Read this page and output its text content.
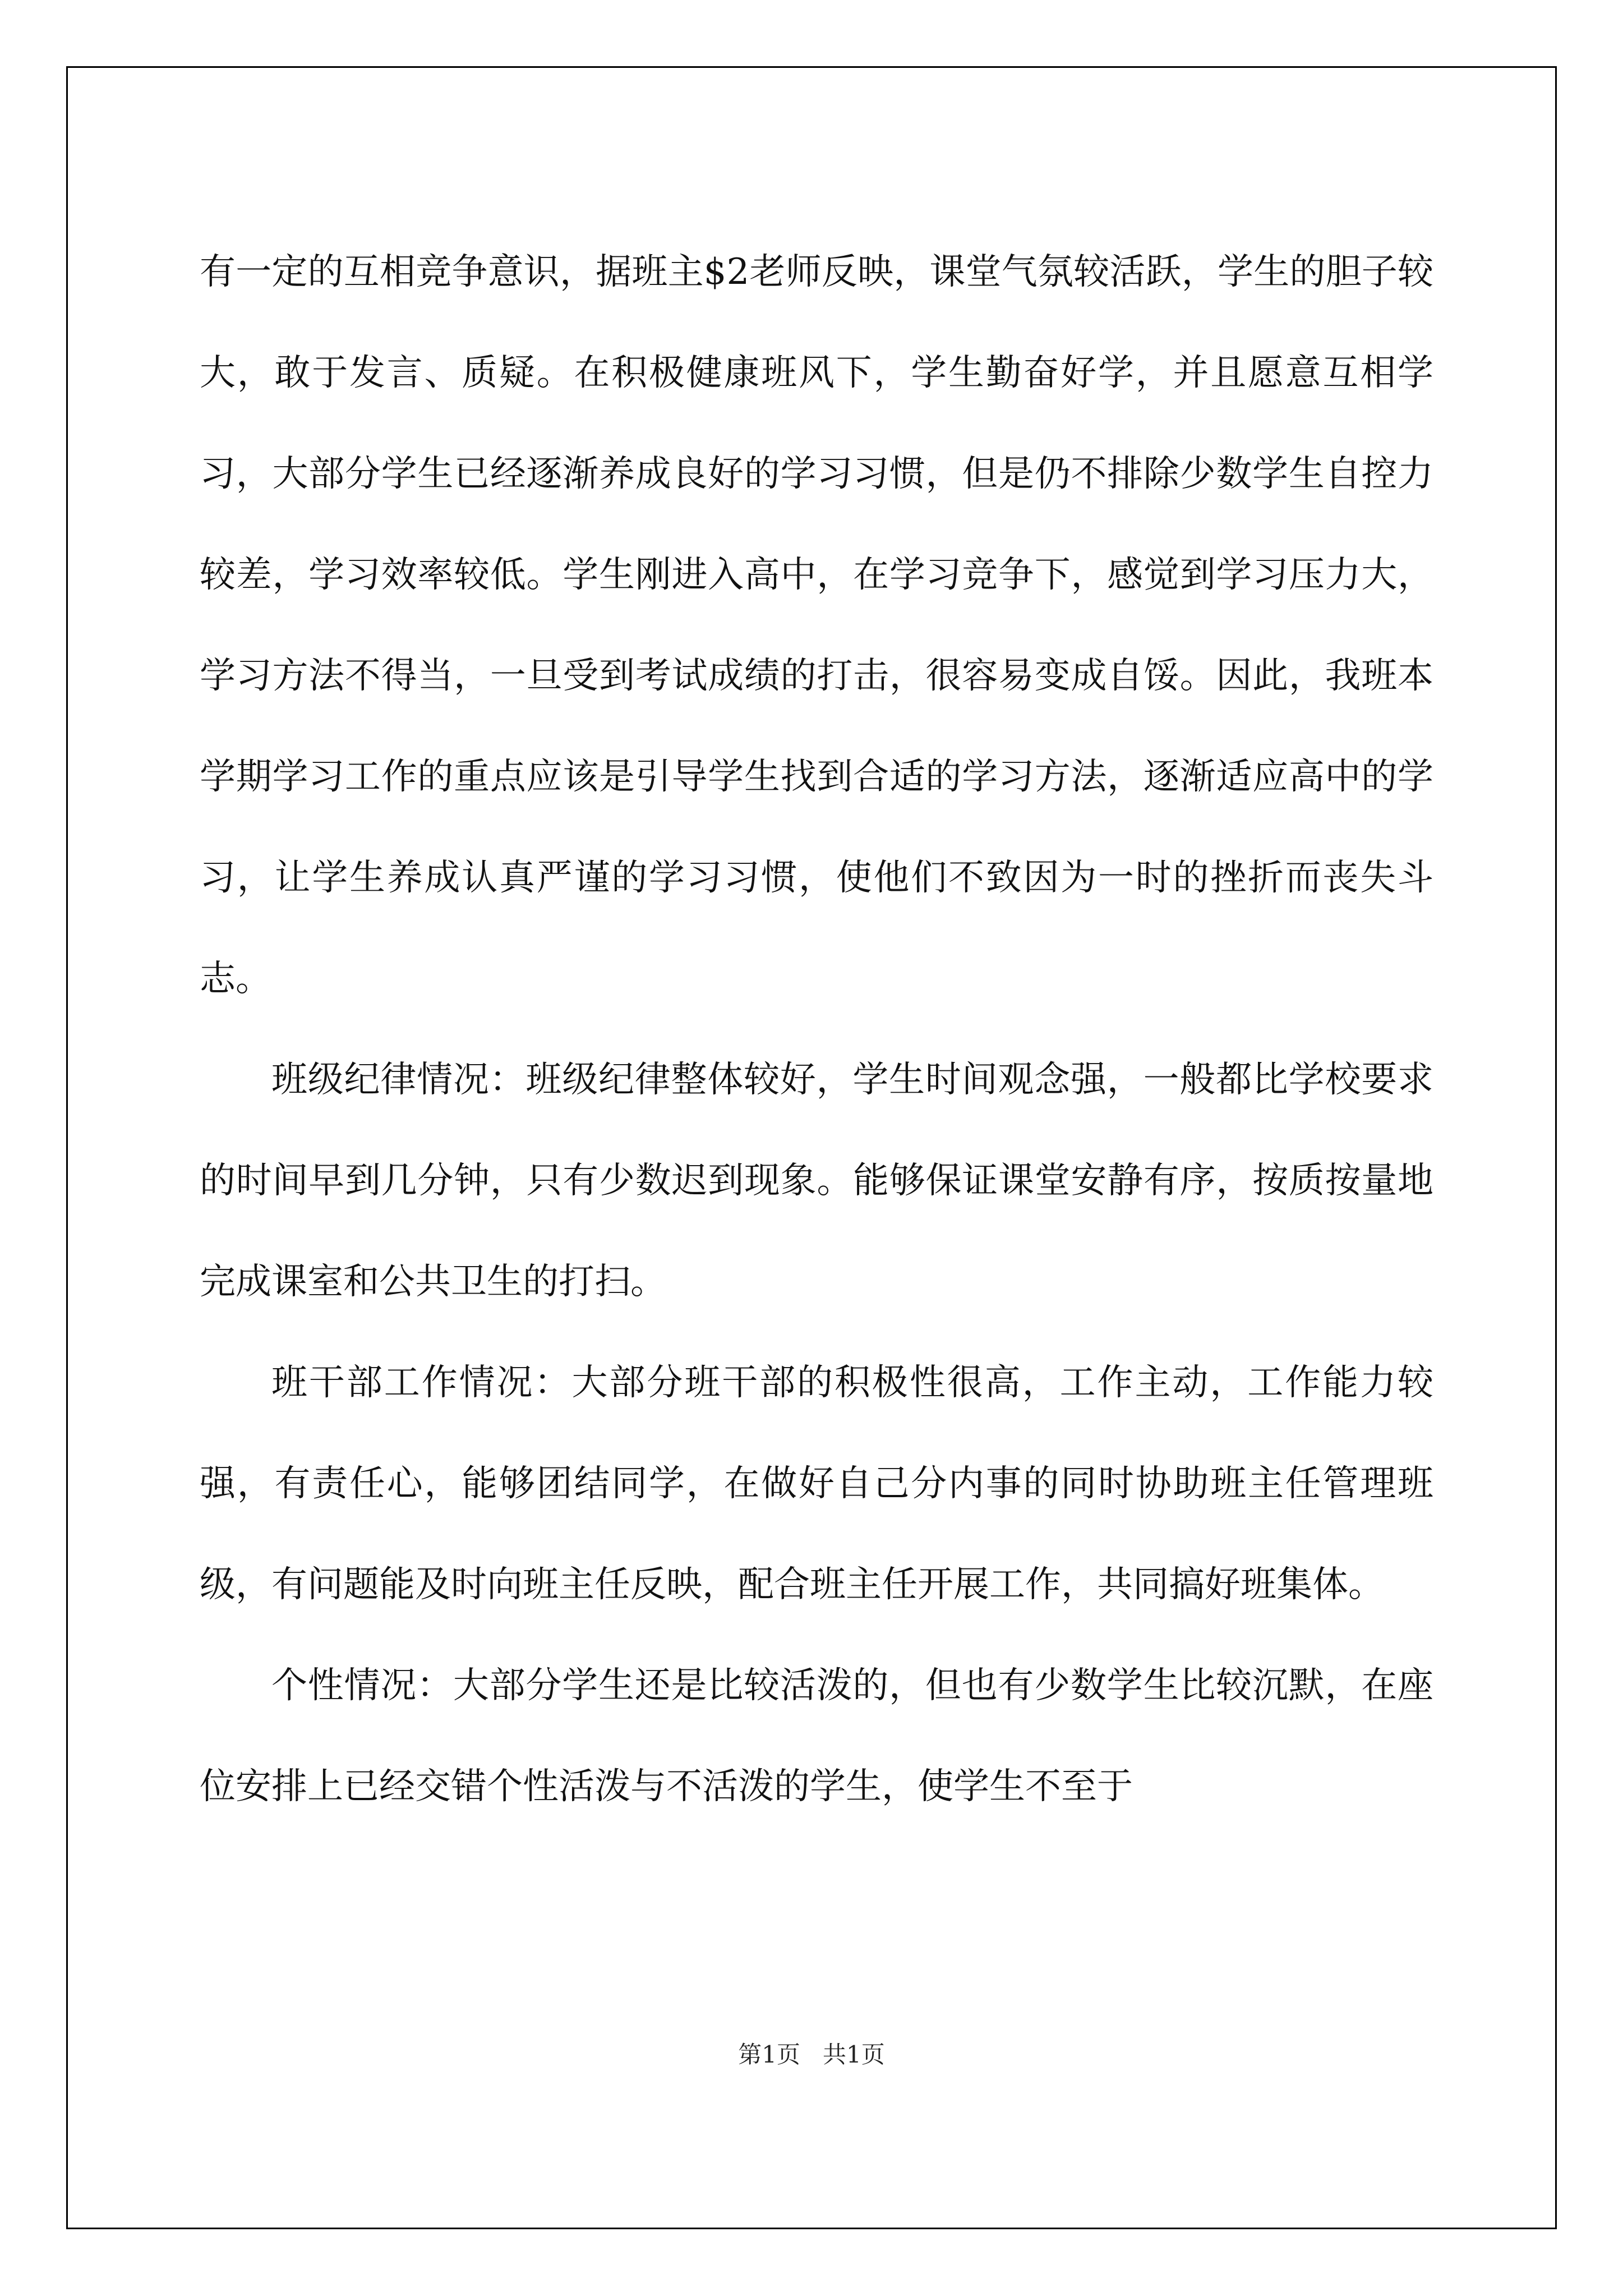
有一定的互相竞争意识，据班主$2老师反映，课堂气氛较活跃，学生的胆子较大，敢于发言、质疑。在积极健康班风下，学生勤奋好学，并且愿意互相学习，大部分学生已经逐渐养成良好的学习习惯，但是仍不排除少数学生自控力较差，学习效率较低。学生刚进入高中，在学习竞争下，感觉到学习压力大，学习方法不得当，一旦受到考试成绩的打击，很容易变成自馁。因此，我班本学期学习工作的重点应该是引导学生找到合适的学习方法，逐渐适应高中的学习，让学生养成认真严谨的学习习惯，使他们不致因为一时的挫折而丧失斗志。

班级纪律情况：班级纪律整体较好，学生时间观念强，一般都比学校要求的时间早到几分钟，只有少数迟到现象。能够保证课堂安静有序，按质按量地完成课室和公共卫生的打扫。

班干部工作情况：大部分班干部的积极性很高，工作主动，工作能力较强，有责任心，能够团结同学，在做好自己分内事的同时协助班主任管理班级，有问题能及时向班主任反映，配合班主任开展工作，共同搞好班集体。

个性情况：大部分学生还是比较活泼的，但也有少数学生比较沉默，在座位安排上已经交错个性活泼与不活泼的学生，使学生不至于

第1页 共1页
